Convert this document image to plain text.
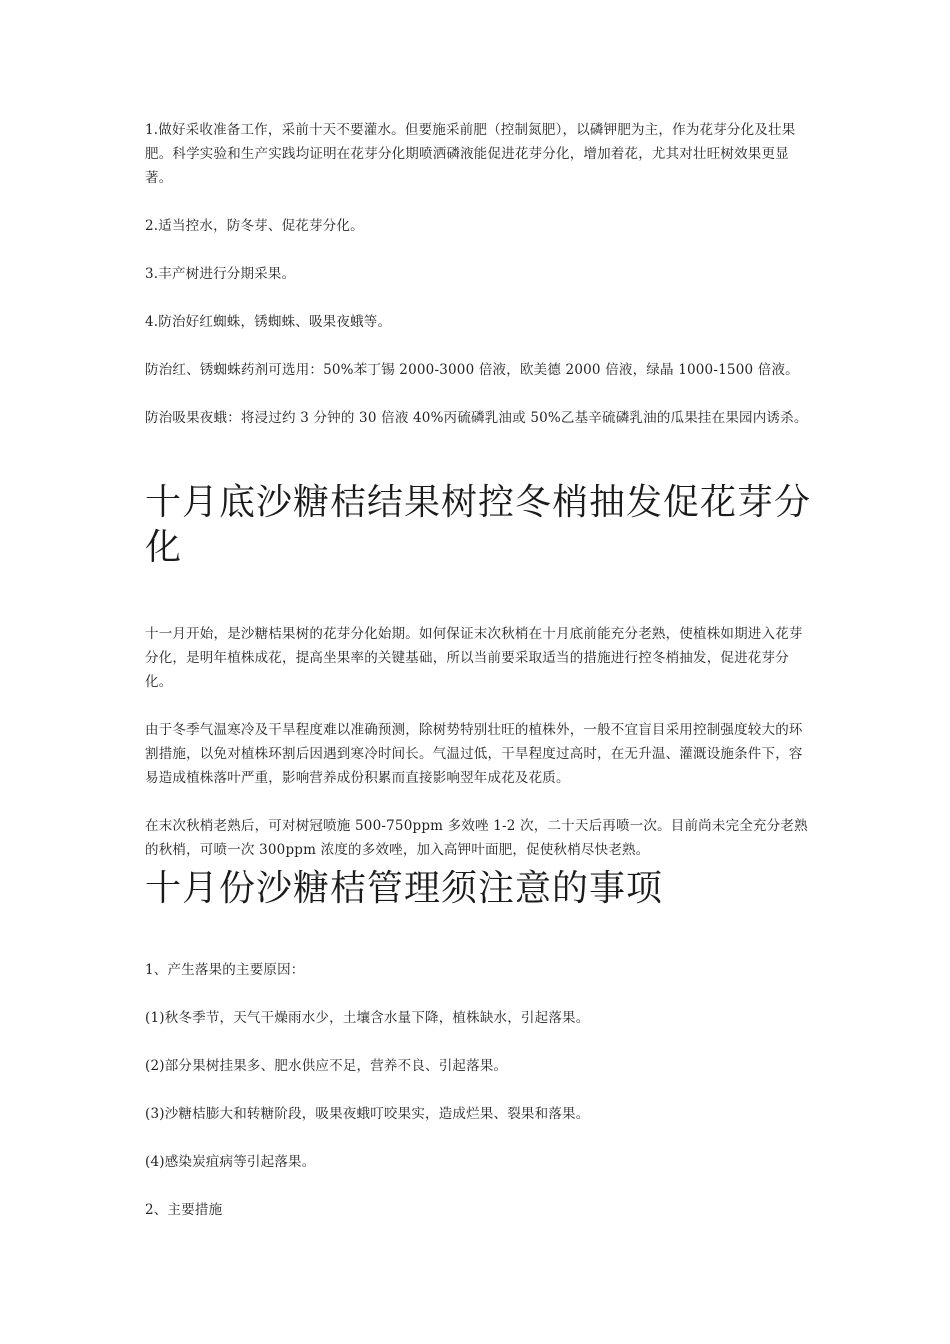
1.做好采收准备工作，采前十天不要灌水。但要施采前肥（控制氮肥），以磷钾肥为主，作为花芽分化及壮果肥。科学实验和生产实践均证明在花芽分化期喷洒磷液能促进花芽分化，增加着花，尤其对壮旺树效果更显著。

2.适当控水，防冬芽、促花芽分化。

3.丰产树进行分期采果。

4.防治好红蜘蛛，锈蜘蛛、吸果夜蛾等。

防治红、锈蜘蛛药剂可选用：50%苯丁锡 2000-3000 倍液，欧美德 2000 倍液，绿晶 1000-1500 倍液。

防治吸果夜蛾：将浸过约 3 分钟的 30 倍液 40%丙硫磷乳油或 50%乙基辛硫磷乳油的瓜果挂在果园内诱杀。

十月底沙糖桔结果树控冬梢抽发促花芽分化

十一月开始，是沙糖桔果树的花芽分化始期。如何保证末次秋梢在十月底前能充分老熟，使植株如期进入花芽分化，是明年植株成花，提高坐果率的关键基础，所以当前要采取适当的措施进行控冬梢抽发，促进花芽分化。

由于冬季气温寒冷及干旱程度难以准确预测，除树势特别壮旺的植株外，一般不宜盲目采用控制强度较大的环割措施，以免对植株环割后因遇到寒冷时间长。气温过低，干旱程度过高时，在无升温、灌溉设施条件下，容易造成植株落叶严重，影响营养成份积累而直接影响翌年成花及花质。

在末次秋梢老熟后，可对树冠喷施 500-750ppm 多效唑 1-2 次，二十天后再喷一次。目前尚未完全充分老熟的秋梢，可喷一次 300ppm 浓度的多效唑，加入高钾叶面肥，促使秋梢尽快老熟。

十月份沙糖桔管理须注意的事项

1、产生落果的主要原因：

(1)秋冬季节，天气干燥雨水少，土壤含水量下降，植株缺水，引起落果。

(2)部分果树挂果多、肥水供应不足，营养不良、引起落果。

(3)沙糖桔膨大和转糖阶段，吸果夜蛾叮咬果实，造成烂果、裂果和落果。

(4)感染炭疽病等引起落果。

2、主要措施
